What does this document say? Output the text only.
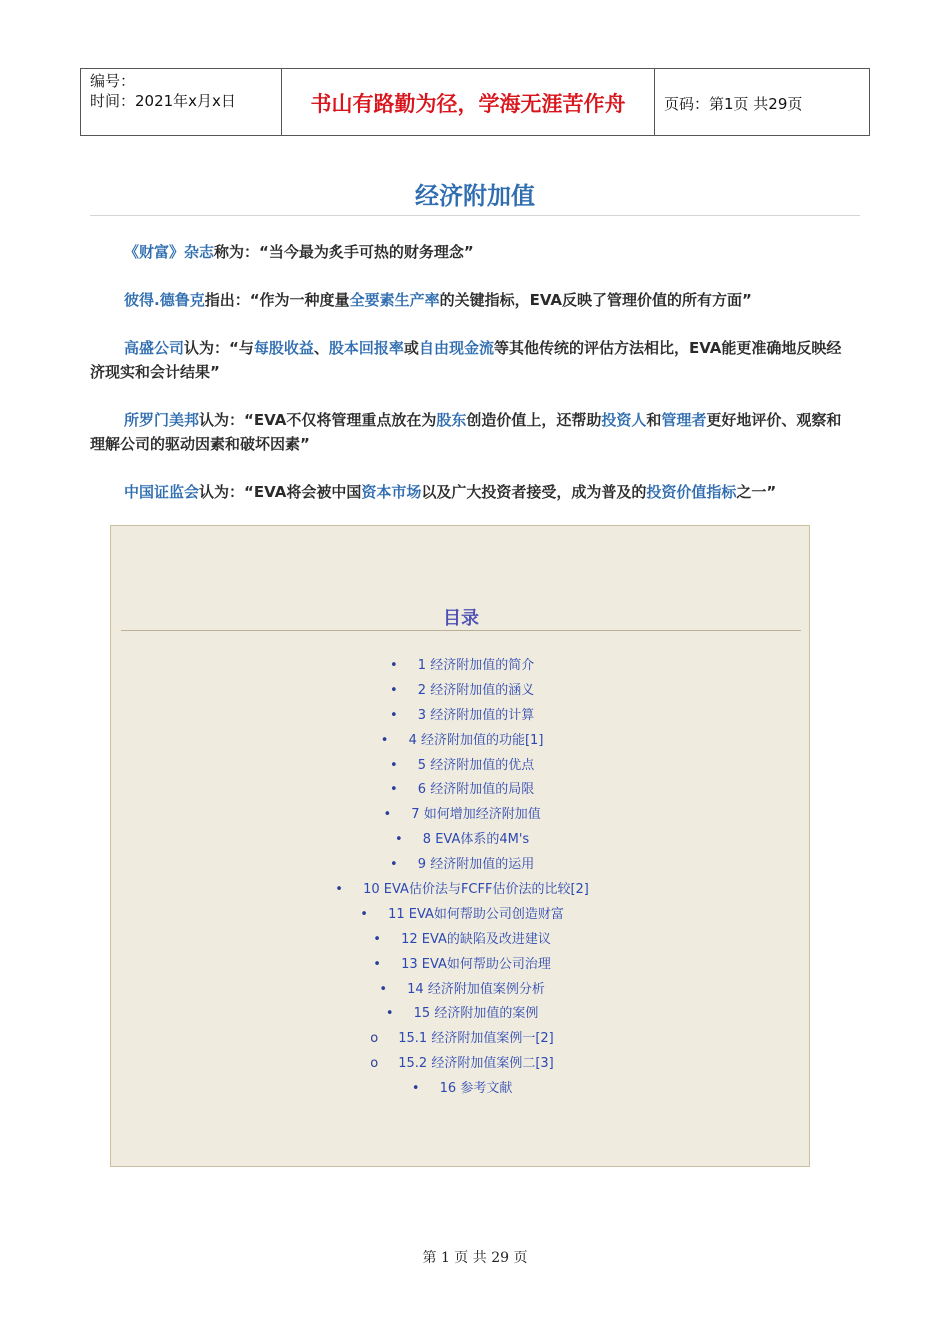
编号：
时间：2021年x月x日	书山有路勤为径，学海无涯苦作舟	页码：第1页 共29页
经济附加值

《财富》杂志称为：“当今最为炙手可热的财务理念”

彼得.德鲁克指出：“作为一种度量全要素生产率的关键指标，EVA反映了管理价值的所有方面”

高盛公司认为：“与每股收益、股本回报率或自由现金流等其他传统的评估方法相比，EVA能更准确地反映经济现实和会计结果”

所罗门美邦认为：“EVA不仅将管理重点放在为股东创造价值上，还帮助投资人和管理者更好地评价、观察和理解公司的驱动因素和破坏因素”

中国证监会认为：“EVA将会被中国资本市场以及广大投资者接受，成为普及的投资价值指标之一”

目录
• 1 经济附加值的简介
• 2 经济附加值的涵义
• 3 经济附加值的计算
• 4 经济附加值的功能[1]
• 5 经济附加值的优点
• 6 经济附加值的局限
• 7 如何增加经济附加值
• 8 EVA体系的4M's
• 9 经济附加值的运用
• 10 EVA估价法与FCFF估价法的比较[2]
• 11 EVA如何帮助公司创造财富
• 12 EVA的缺陷及改进建议
• 13 EVA如何帮助公司治理
• 14 经济附加值案例分析
• 15 经济附加值的案例
o 15.1 经济附加值案例一[2]
o 15.2 经济附加值案例二[3]
• 16 参考文献
第 1 页 共 29 页
